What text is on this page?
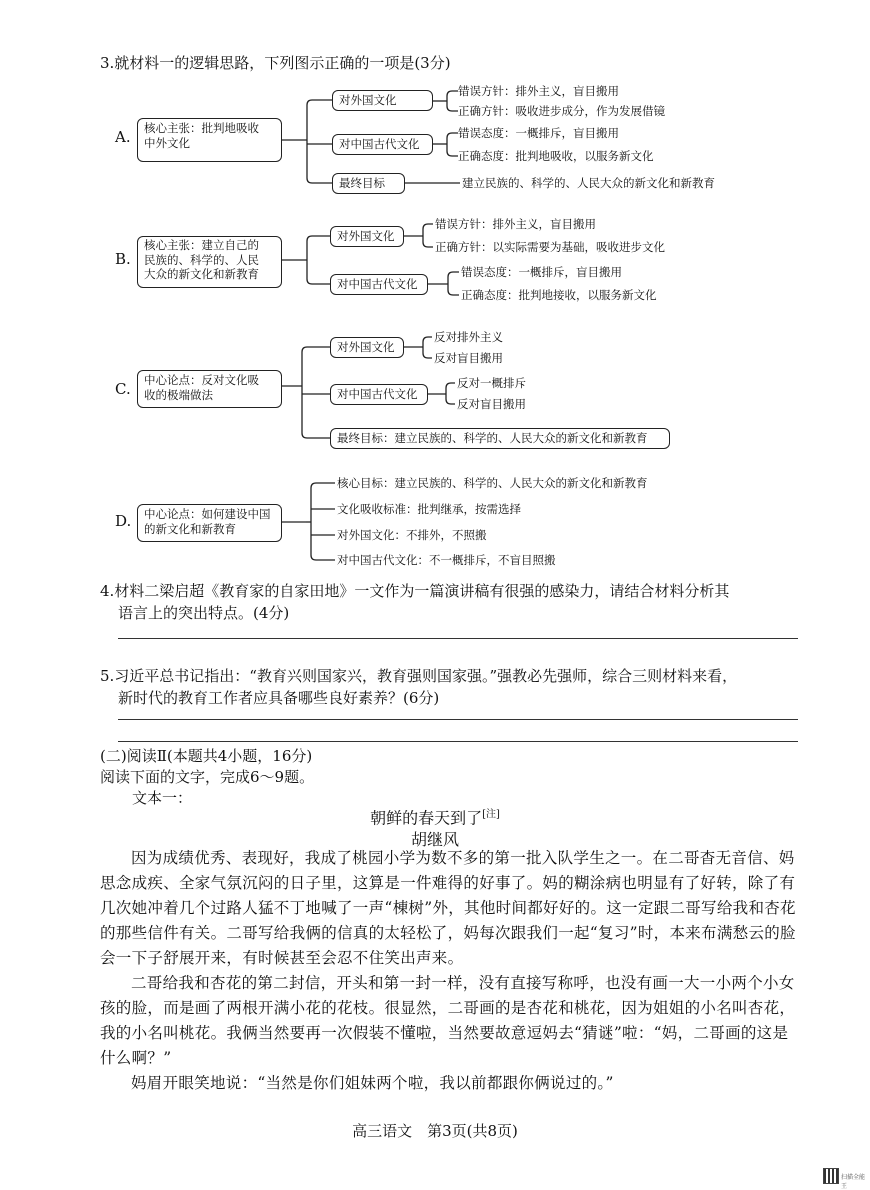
3.就材料一的逻辑思路，下列图示正确的一项是(3分)
A. 核心主张：批判地吸收
中外文化
对外国文化
错误方针：排外主义，盲目搬用
正确方针：吸收进步成分，作为发展借镜
对中国古代文化
错误态度：一概排斥，盲目搬用
正确态度：批判地吸收，以服务新文化
最终目标	建立民族的、科学的、人民大众的新文化和新教育
B.
核心主张：建立自己的
民族的、科学的、人民
大众的新文化和新教育
对外国文化
错误方针：排外主义，盲目搬用
正确方针：以实际需要为基础，吸收进步文化
对中国古代文化
错误态度：一概排斥，盲目搬用
正确态度：批判地接收，以服务新文化
C. 中心论点：反对文化吸
收的极端做法
对外国文化
反对排外主义
反对盲目搬用
对中国古代文化
反对一概排斥
反对盲目搬用
最终目标：建立民族的、科学的、人民大众的新文化和新教育
D. 中心论点：如何建设中国
的新文化和新教育
核心目标：建立民族的、科学的、人民大众的新文化和新教育
文化吸收标准：批判继承，按需选择
对外国文化：不排外，不照搬
对中国古代文化：不一概排斥，不盲目照搬
4.材料二梁启超《教育家的自家田地》一文作为一篇演讲稿有很强的感染力，请结合材料分析其
语言上的突出特点。(4分)
5.习近平总书记指出：“教育兴则国家兴，教育强则国家强。”强教必先强师，综合三则材料来看，
新时代的教育工作者应具备哪些良好素养？(6分)
(二)阅读Ⅱ(本题共4小题，16分)
阅读下面的文字，完成6～9题。
文本一：
朝鲜的春天到了[注]
胡继风

因为成绩优秀、表现好，我成了桃园小学为数不多的第一批入队学生之一。在二哥杳无音信、妈思念成疾、全家气氛沉闷的日子里，这算是一件难得的好事了。妈的糊涂病也明显有了好转，除了有几次她冲着几个过路人猛不丁地喊了一声“棟树”外，其他时间都好好的。这一定跟二哥写给我和杏花的那些信件有关。二哥写给我俩的信真的太轻松了，妈每次跟我们一起“复习”时，本来布满愁云的脸会一下子舒展开来，有时候甚至会忍不住笑出声来。

二哥给我和杏花的第二封信，开头和第一封一样，没有直接写称呼，也没有画一大一小两个小女孩的脸，而是画了两根开满小花的花枝。很显然，二哥画的是杏花和桃花，因为姐姐的小名叫杏花，我的小名叫桃花。我俩当然要再一次假装不懂啦，当然要故意逗妈去“猜谜”啦：“妈，二哥画的这是什么啊？”

妈眉开眼笑地说：“当然是你们姐妹两个啦，我以前都跟你俩说过的。”

高三语文　第3页(共8页)
扫描全能王
